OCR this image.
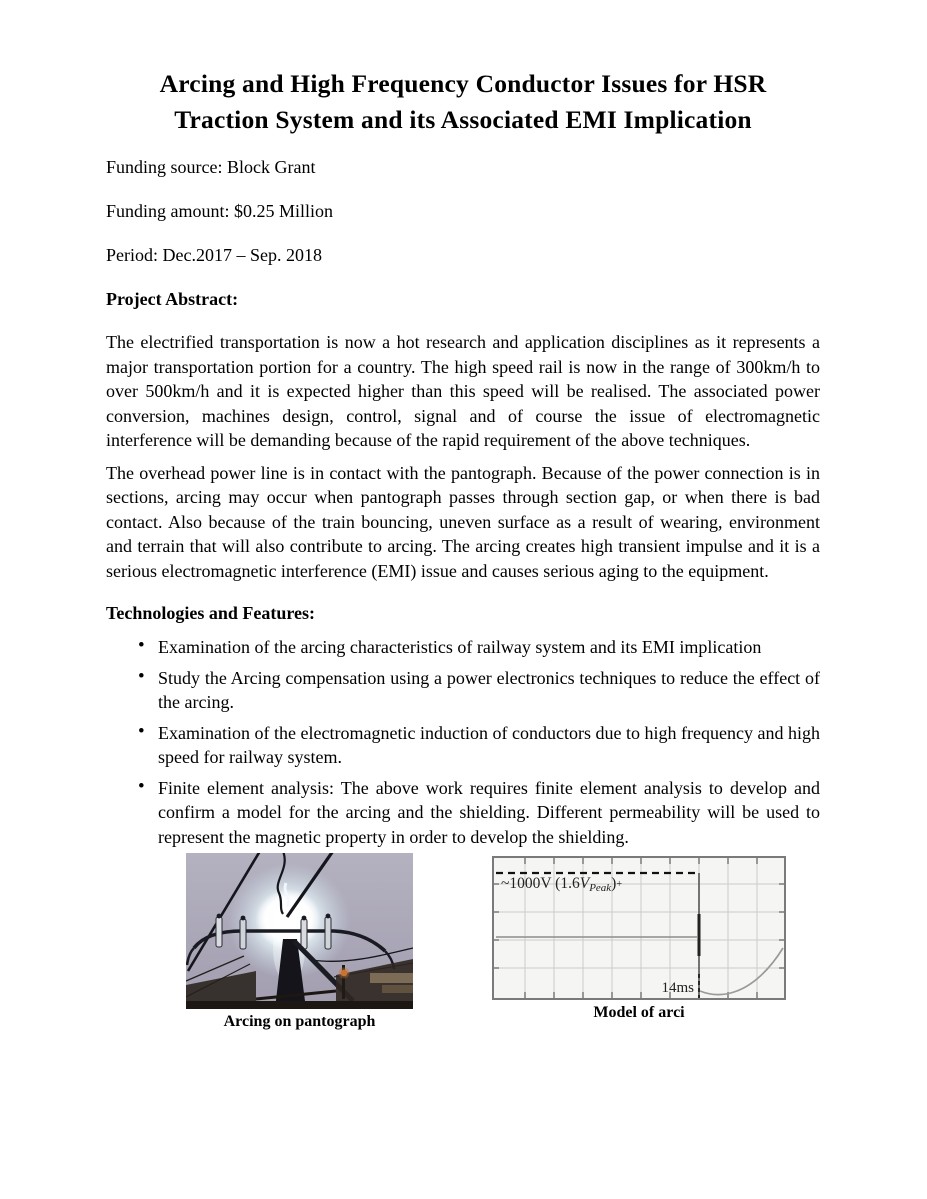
Arcing and High Frequency Conductor Issues for HSR
Traction System and its Associated EMI Implication

Funding source: Block Grant

Funding amount: $0.25 Million

Period: Dec.2017 – Sep. 2018

Project Abstract:

The electrified transportation is now a hot research and application disciplines as it represents a major transportation portion for a country. The high speed rail is now in the range of 300km/h to over 500km/h and it is expected higher than this speed will be realised. The associated power conversion, machines design, control, signal and of course the issue of electromagnetic interference will be demanding because of the rapid requirement of the above techniques.

The overhead power line is in contact with the pantograph. Because of the power connection is in sections, arcing may occur when pantograph passes through section gap, or when there is bad contact. Also because of the train bouncing, uneven surface as a result of wearing, environment and terrain that will also contribute to arcing. The arcing creates high transient impulse and it is a serious electromagnetic interference (EMI) issue and causes serious aging to the equipment.

Technologies and Features:
• Examination of the arcing characteristics of railway system and its EMI implication
• Study the Arcing compensation using a power electronics techniques to reduce the effect of the arcing.
• Examination of the electromagnetic induction of conductors due to high frequency and high speed for railway system.
• Finite element analysis: The above work requires finite element analysis to develop and confirm a model for the arcing and the shielding. Different permeability will be used to represent the magnetic property in order to develop the shielding.
Arcing on pantograph
~1000V (1.6VPeak)+
14ms
Model of arci
